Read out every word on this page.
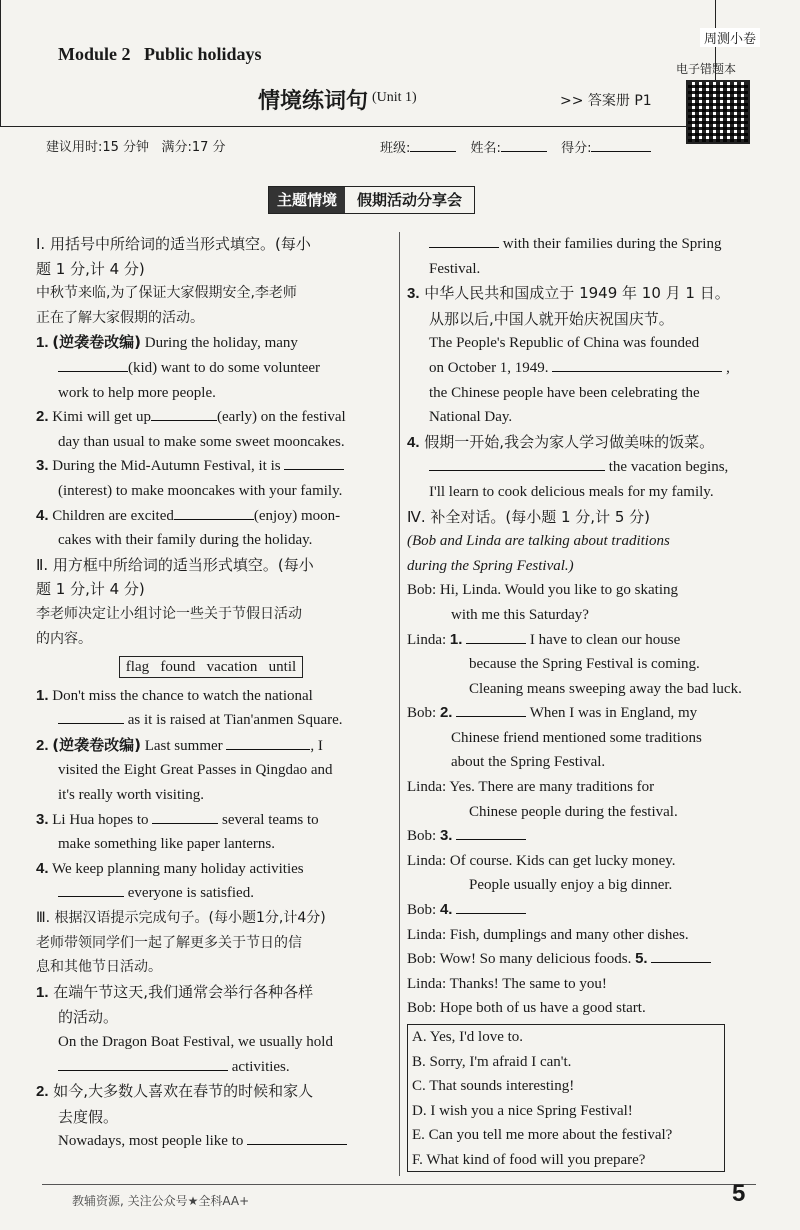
周测小卷
Module 2   Public holidays
情境练词句 (Unit 1)	>> 答案册 P1
电子错题本
建议用时:15 分钟   满分:17 分	班级:	姓名:	得分:
主题情境	假期活动分享会

Ⅰ. 用括号中所给词的适当形式填空。(每小

题 1 分,计 4 分)

中秋节来临,为了保证大家假期安全,李老师

正在了解大家假期的活动。

1. (逆袭卷改编) During the holiday, many

(kid) want to do some volunteer

work to help more people.

2. Kimi will get up	(early) on the festival

day than usual to make some sweet mooncakes.

3. During the Mid-Autumn Festival, it is

(interest) to make mooncakes with your family.

4. Children are excited	(enjoy) moon-

cakes with their family during the holiday.

Ⅱ. 用方框中所给词的适当形式填空。(每小

题 1 分,计 4 分)

李老师决定让小组讨论一些关于节假日活动

的内容。

flag   found   vacation   until

1. Don't miss the chance to watch the national

as it is raised at Tian'anmen Square.

2. (逆袭卷改编) Last summer	, I

visited the Eight Great Passes in Qingdao and

it's really worth visiting.

3. Li Hua hopes to	several teams to

make something like paper lanterns.

4. We keep planning many holiday activities

everyone is satisfied.

Ⅲ. 根据汉语提示完成句子。(每小题1分,计4分)

老师带领同学们一起了解更多关于节日的信

息和其他节日活动。

1. 在端午节这天,我们通常会举行各种各样

的活动。

On the Dragon Boat Festival, we usually hold

activities.

2. 如今,大多数人喜欢在春节的时候和家人

去度假。

Nowadays, most people like to

with their families during the Spring

Festival.

3. 中华人民共和国成立于 1949 年 10 月 1 日。

从那以后,中国人就开始庆祝国庆节。

The People's Republic of China was founded

on October 1, 1949.	,

the Chinese people have been celebrating the

National Day.

4. 假期一开始,我会为家人学习做美味的饭菜。

the vacation begins,

I'll learn to cook delicious meals for my family.

Ⅳ. 补全对话。(每小题 1 分,计 5 分)

(Bob and Linda are talking about traditions

during the Spring Festival.)

Bob: Hi, Linda. Would you like to go skating

with me this Saturday?

Linda: 1.	I have to clean our house

because the Spring Festival is coming.

Cleaning means sweeping away the bad luck.

Bob: 2.	When I was in England, my

Chinese friend mentioned some traditions

about the Spring Festival.

Linda: Yes. There are many traditions for

Chinese people during the festival.

Bob: 3.

Linda: Of course. Kids can get lucky money.

People usually enjoy a big dinner.

Bob: 4.

Linda: Fish, dumplings and many other dishes.

Bob: Wow! So many delicious foods. 5.

Linda: Thanks! The same to you!

Bob: Hope both of us have a good start.

A. Yes, I'd love to.
B. Sorry, I'm afraid I can't.
C. That sounds interesting!
D. I wish you a nice Spring Festival!
E. Can you tell me more about the festival?
F. What kind of food will you prepare?
教辅资源, 关注公众号★全科AA+	5
